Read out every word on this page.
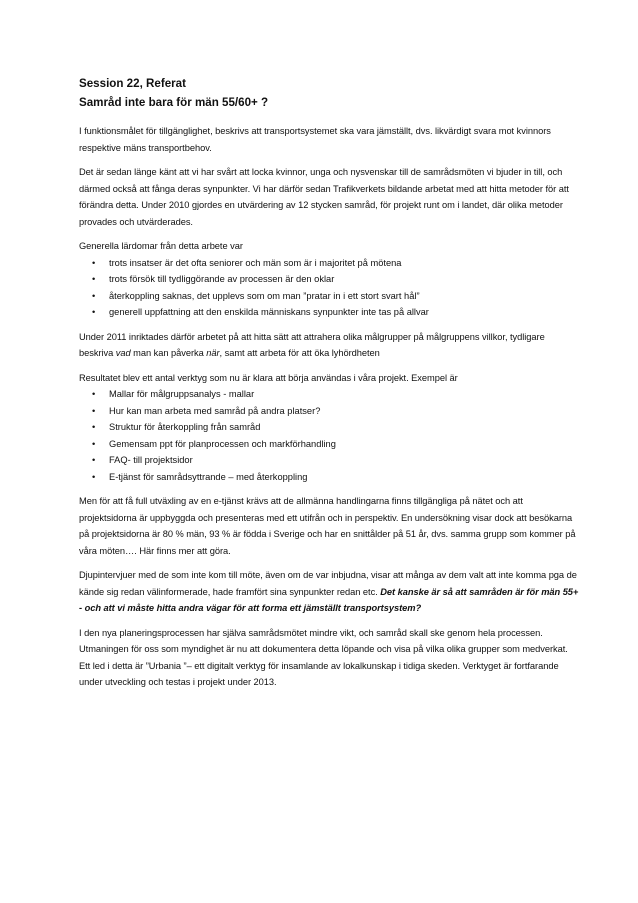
Session 22, Referat

Samråd inte bara för män 55/60+ ?

I funktionsmålet för tillgänglighet, beskrivs att transportsystemet ska vara jämställt, dvs. likvärdigt svara mot kvinnors respektive mäns transportbehov.

Det är sedan länge känt att vi har svårt att locka kvinnor, unga och nysvenskar till de samrådsmöten vi bjuder in till, och därmed också att fånga deras synpunkter. Vi har därför sedan Trafikverkets bildande arbetat med att hitta metoder för att förändra detta. Under 2010 gjordes en utvärdering av 12 stycken samråd, för projekt runt om i landet, där olika metoder provades och utvärderades.

Generella lärdomar från detta arbete var

• trots insatser är det ofta seniorer och män som är i majoritet på mötena
• trots försök till tydliggörande av processen är den oklar
• återkoppling saknas, det upplevs som om man ”pratar in i ett stort svart hål”
• generell uppfattning att den enskilda människans synpunkter inte tas på allvar

Under 2011 inriktades därför arbetet på att hitta sätt att attrahera olika målgrupper på målgruppens villkor, tydligare beskriva vad man kan påverka när, samt att arbeta för att öka lyhördheten

Resultatet blev ett antal verktyg som nu är klara att börja användas i våra projekt. Exempel är

• Mallar för målgruppsanalys - mallar
• Hur kan man arbeta med samråd på andra platser?
• Struktur för återkoppling från samråd
• Gemensam ppt för planprocessen och markförhandling
• FAQ- till projektsidor
• E-tjänst för samrådsyttrande – med återkoppling

Men för att få full utväxling av en e-tjänst krävs att de allmänna handlingarna finns tillgängliga på nätet och att projektsidorna är uppbyggda och presenteras med ett utifrån och in perspektiv. En undersökning visar dock att besökarna på projektsidorna är 80 % män, 93 % är födda i Sverige och har en snittålder på 51 år, dvs. samma grupp som kommer på våra möten…. Här finns mer att göra.

Djupintervjuer med de som inte kom till möte, även om de var inbjudna, visar att många av dem valt att inte komma pga de kände sig redan välinformerade, hade framfört sina synpunkter redan etc. Det kanske är så att samråden är för män 55+ - och att vi måste hitta andra vägar för att forma ett jämställt transportsystem?

I den nya planeringsprocessen har själva samrådsmötet mindre vikt, och samråd skall ske genom hela processen. Utmaningen för oss som myndighet är nu att dokumentera detta löpande och visa på vilka olika grupper som medverkat. Ett led i detta är ”Urbania ”– ett digitalt verktyg för insamlande av lokalkunskap i tidiga skeden. Verktyget är fortfarande under utveckling och testas i projekt under 2013.
